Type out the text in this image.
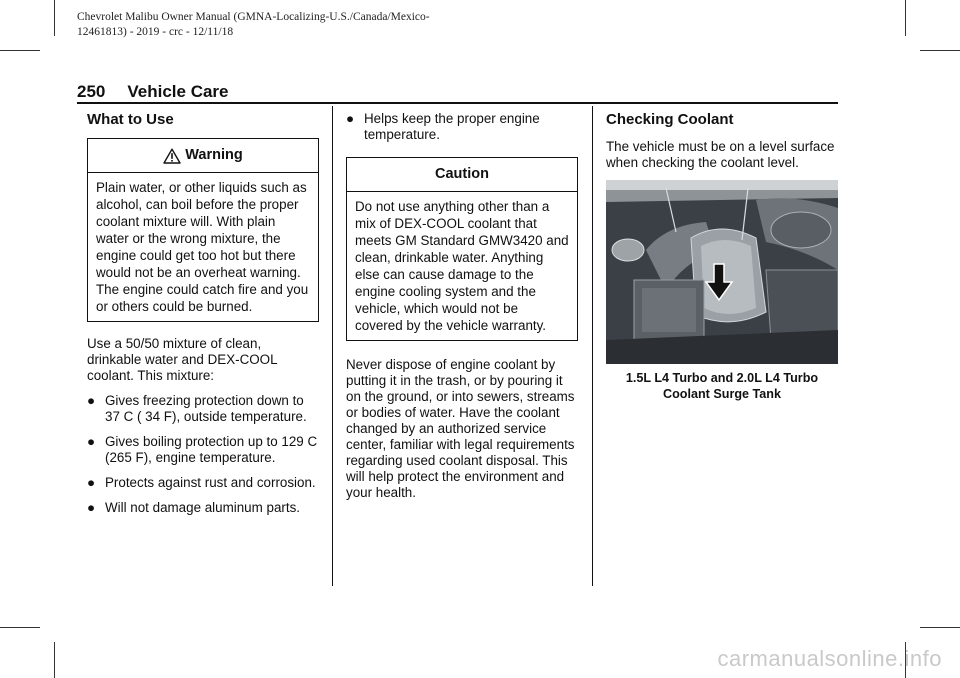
Chevrolet Malibu Owner Manual (GMNA-Localizing-U.S./Canada/Mexico-
12461813) - 2019 - crc - 12/11/18
250 Vehicle Care
What to Use
Warning
Plain water, or other liquids such as alcohol, can boil before the proper coolant mixture will. With plain water or the wrong mixture, the engine could get too hot but there would not be an overheat warning. The engine could catch fire and you or others could be burned.
Use a 50/50 mixture of clean, drinkable water and DEX-COOL coolant. This mixture:
● Gives freezing protection down to 37 C ( 34 F), outside temperature.
● Gives boiling protection up to 129 C (265 F), engine temperature.
● Protects against rust and corrosion.
● Will not damage aluminum parts.
● Helps keep the proper engine temperature.
Caution
Do not use anything other than a mix of DEX-COOL coolant that meets GM Standard GMW3420 and clean, drinkable water. Anything else can cause damage to the engine cooling system and the vehicle, which would not be covered by the vehicle warranty.
Never dispose of engine coolant by putting it in the trash, or by pouring it on the ground, or into sewers, streams or bodies of water. Have the coolant changed by an authorized service center, familiar with legal requirements regarding used coolant disposal. This will help protect the environment and your health.
Checking Coolant
The vehicle must be on a level surface when checking the coolant level.
1.5L L4 Turbo and 2.0L L4 Turbo
Coolant Surge Tank
carmanualsonline.info
